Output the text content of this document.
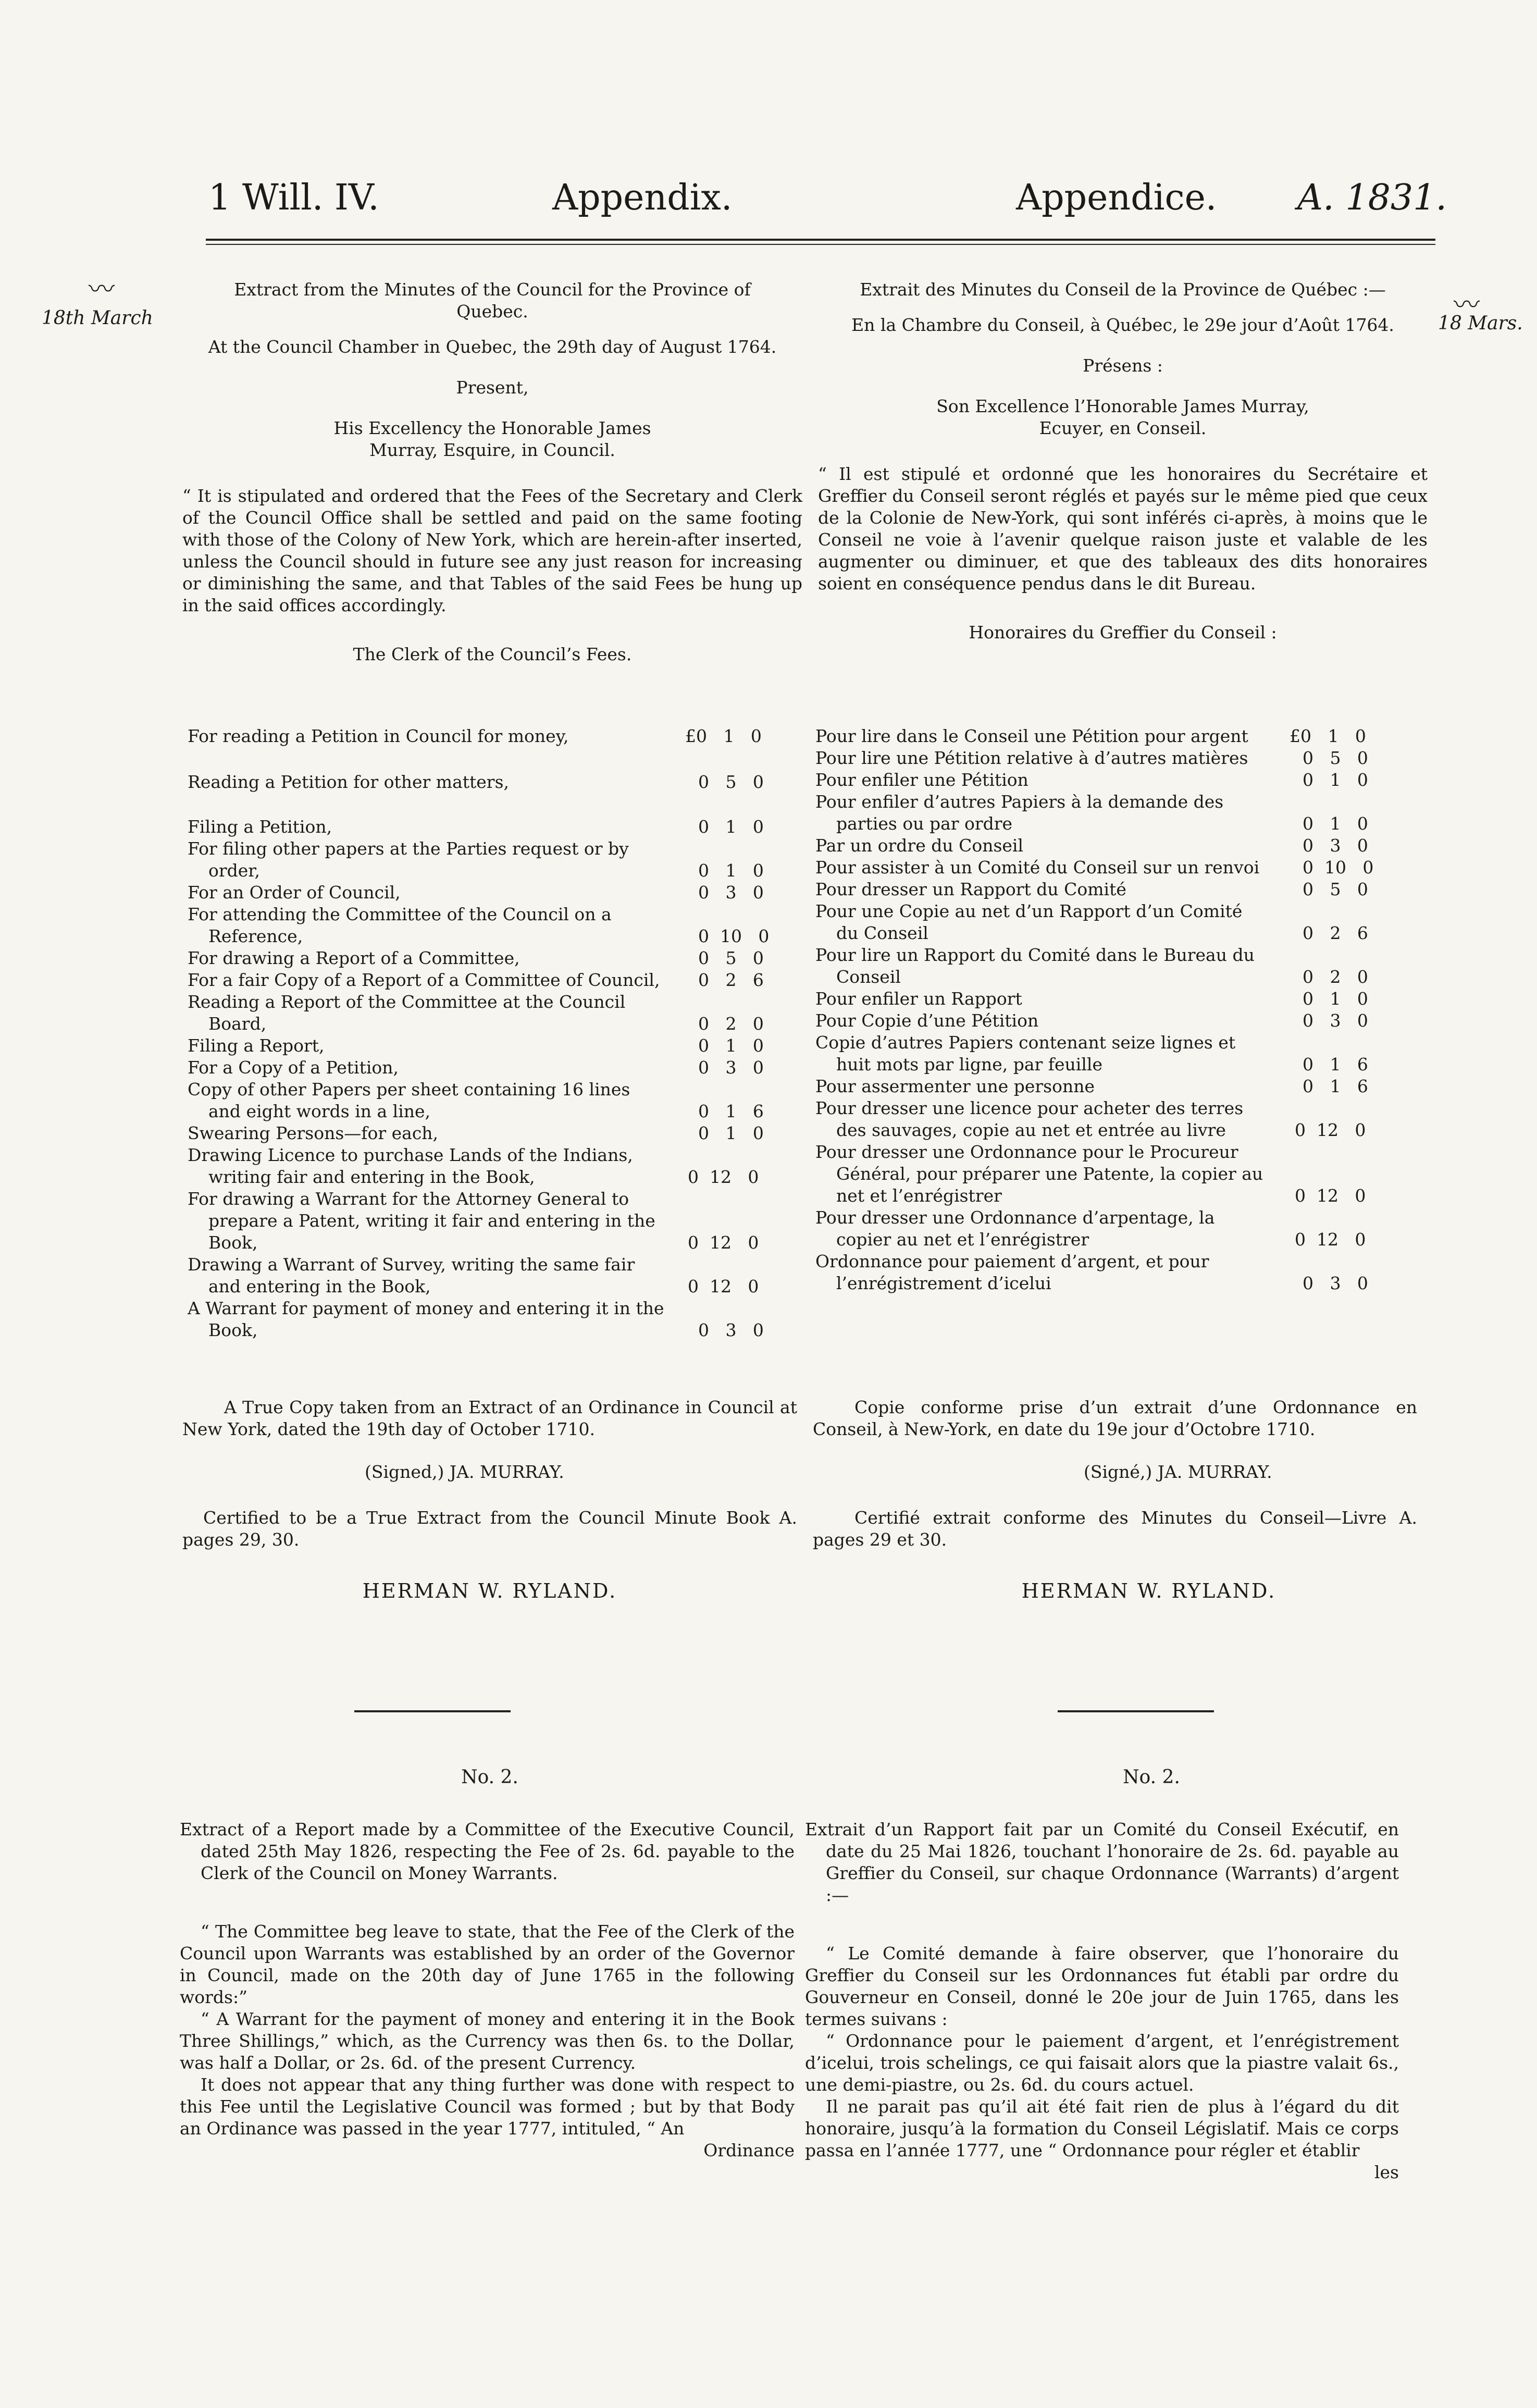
1 Will. IV.	Appendix.	Appendice. A. 1831.
〰
18th March	〰
18 Mars.
Extract from the Minutes of the Council for the Province of Quebec.
At the Council Chamber in Quebec, the 29th day of August 1764.
Present,
His Excellency the Honorable James Murray, Esquire, in Council.
“ It is stipulated and ordered that the Fees of the Secretary and Clerk of the Council Office shall be settled and paid on the same footing with those of the Colony of New York, which are herein-after inserted, unless the Council should in future see any just reason for increasing or diminishing the same, and that Tables of the said Fees be hung up in the said offices accordingly.
The Clerk of the Council’s Fees.
For reading a Petition in Council for money,	£0   1   0
Reading a Petition for other matters,	0   5   0
Filing a Petition,	0   1   0
For filing other papers at the Parties request or by order,	0   1   0
For an Order of Council,	0   3   0
For attending the Committee of the Council on a Reference,	0  10   0
For drawing a Report of a Committee,	0   5   0
For a fair Copy of a Report of a Committee of Council,	0   2   6
Reading a Report of the Committee at the Council Board,	0   2   0
Filing a Report,	0   1   0
For a Copy of a Petition,	0   3   0
Copy of other Papers per sheet containing 16 lines and eight words in a line,	0   1   6
Swearing Persons—for each,	0   1   0
Drawing Licence to purchase Lands of the Indians, writing fair and entering in the Book,	0  12   0
For drawing a Warrant for the Attorney General to prepare a Patent, writing it fair and entering in the Book,	0  12   0
Drawing a Warrant of Survey, writing the same fair and entering in the Book,	0  12   0
A Warrant for payment of money and entering it in the Book,	0   3   0
A True Copy taken from an Extract of an Ordinance in Council at New York, dated the 19th day of October 1710.
(Signed,) JA. MURRAY.
Certified to be a True Extract from the Council Minute Book A. pages 29, 30.
HERMAN W. RYLAND.
No. 2.
Extract of a Report made by a Committee of the Executive Council, dated 25th May 1826, respecting the Fee of 2s. 6d. payable to the Clerk of the Council on Money Warrants.
“ The Committee beg leave to state, that the Fee of the Clerk of the Council upon Warrants was established by an order of the Governor in Council, made on the 20th day of June 1765 in the following words:”
“ A Warrant for the payment of money and entering it in the Book Three Shillings,” which, as the Currency was then 6s. to the Dollar, was half a Dollar, or 2s. 6d. of the present Currency.
It does not appear that any thing further was done with respect to this Fee until the Legislative Council was formed ; but by that Body an Ordinance was passed in the year 1777, intituled, “ An
Ordinance
Extrait des Minutes du Conseil de la Province de Québec :—
En la Chambre du Conseil, à Québec, le 29e jour d’Août 1764.
Présens :
Son Excellence l’Honorable James Murray, Ecuyer, en Conseil.
“ Il est stipulé et ordonné que les honoraires du Secrétaire et Greffier du Conseil seront réglés et payés sur le même pied que ceux de la Colonie de New-York, qui sont inférés ci-après, à moins que le Conseil ne voie à l’avenir quelque raison juste et valable de les augmenter ou diminuer, et que des tableaux des dits honoraires soient en conséquence pendus dans le dit Bureau.
Honoraires du Greffier du Conseil :
Pour lire dans le Conseil une Pétition pour argent	£0   1   0
Pour lire une Pétition relative à d’autres matières	0   5   0
Pour enfiler une Pétition	0   1   0
Pour enfiler d’autres Papiers à la demande des parties ou par ordre	0   1   0
Par un ordre du Conseil	0   3   0
Pour assister à un Comité du Conseil sur un renvoi	0  10   0
Pour dresser un Rapport du Comité	0   5   0
Pour une Copie au net d’un Rapport d’un Comité du Conseil	0   2   6
Pour lire un Rapport du Comité dans le Bureau du Conseil	0   2   0
Pour enfiler un Rapport	0   1   0
Pour Copie d’une Pétition	0   3   0
Copie d’autres Papiers contenant seize lignes et huit mots par ligne, par feuille	0   1   6
Pour assermenter une personne	0   1   6
Pour dresser une licence pour acheter des terres des sauvages, copie au net et entrée au livre	0  12   0
Pour dresser une Ordonnance pour le Procureur Général, pour préparer une Patente, la copier au net et l’enrégistrer	0  12   0
Pour dresser une Ordonnance d’arpentage, la copier au net et l’enrégistrer	0  12   0
Ordonnance pour paiement d’argent, et pour l’enrégistrement d’icelui	0   3   0
Copie conforme prise d’un extrait d’une Ordonnance en Conseil, à New-York, en date du 19e jour d’Octobre 1710.
(Signé,) JA. MURRAY.
Certifié extrait conforme des Minutes du Conseil—Livre A. pages 29 et 30.
HERMAN W. RYLAND.
No. 2.
Extrait d’un Rapport fait par un Comité du Conseil Exécutif, en date du 25 Mai 1826, touchant l’honoraire de 2s. 6d. payable au Greffier du Conseil, sur chaque Ordonnance (Warrants) d’argent :—
“ Le Comité demande à faire observer, que l’honoraire du Greffier du Conseil sur les Ordonnances fut établi par ordre du Gouverneur en Conseil, donné le 20e jour de Juin 1765, dans les termes suivans :
“ Ordonnance pour le paiement d’argent, et l’enrégistrement d’icelui, trois schelings, ce qui faisait alors que la piastre valait 6s., une demi-piastre, ou 2s. 6d. du cours actuel.
Il ne parait pas qu’il ait été fait rien de plus à l’égard du dit honoraire, jusqu’à la formation du Conseil Législatif. Mais ce corps passa en l’année 1777, une “ Ordonnance pour régler et établir
les
